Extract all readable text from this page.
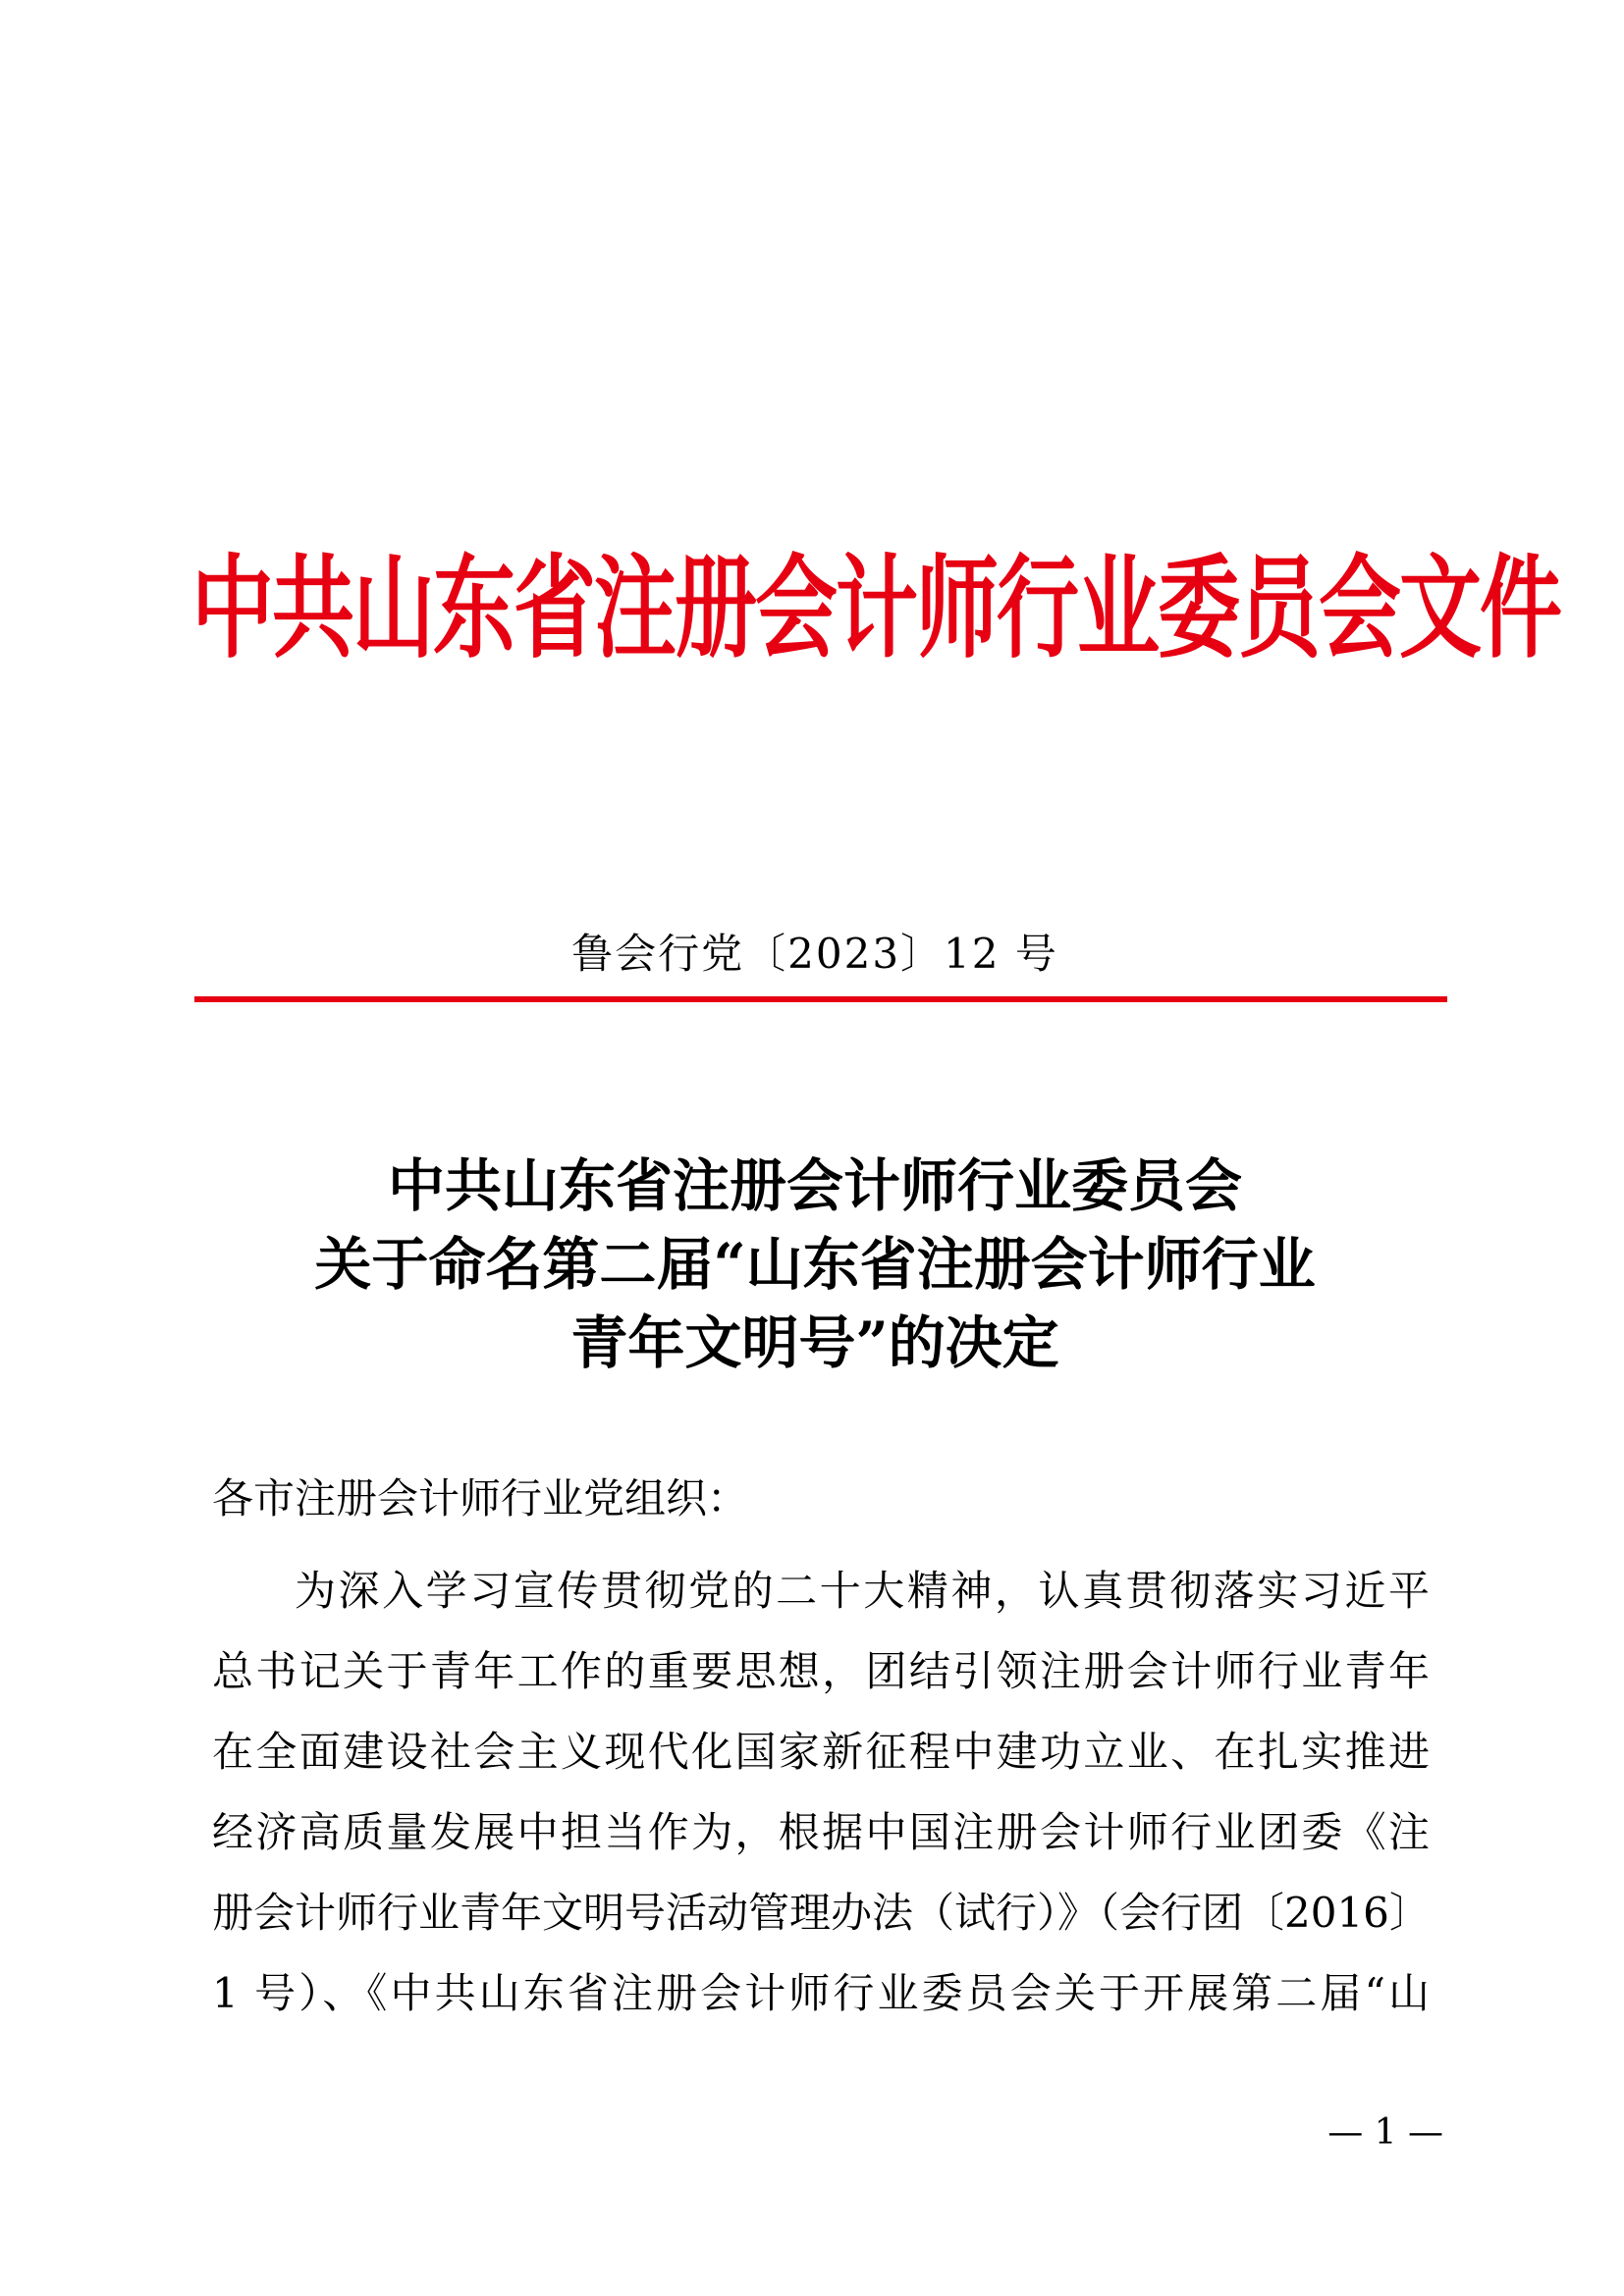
中共山东省注册会计师行业委员会文件
鲁会行党〔2023〕12 号
中共山东省注册会计师行业委员会
关于命名第二届“山东省注册会计师行业
青年文明号”的决定
各市注册会计师行业党组织：
为深入学习宣传贯彻党的二十大精神，认真贯彻落实习近平
总书记关于青年工作的重要思想，团结引领注册会计师行业青年
在全面建设社会主义现代化国家新征程中建功立业、在扎实推进
经济高质量发展中担当作为，根据中国注册会计师行业团委《注
册会计师行业青年文明号活动管理办法（试行）》（会行团〔2016〕
1 号）、《中共山东省注册会计师行业委员会关于开展第二届“山
— 1 —
